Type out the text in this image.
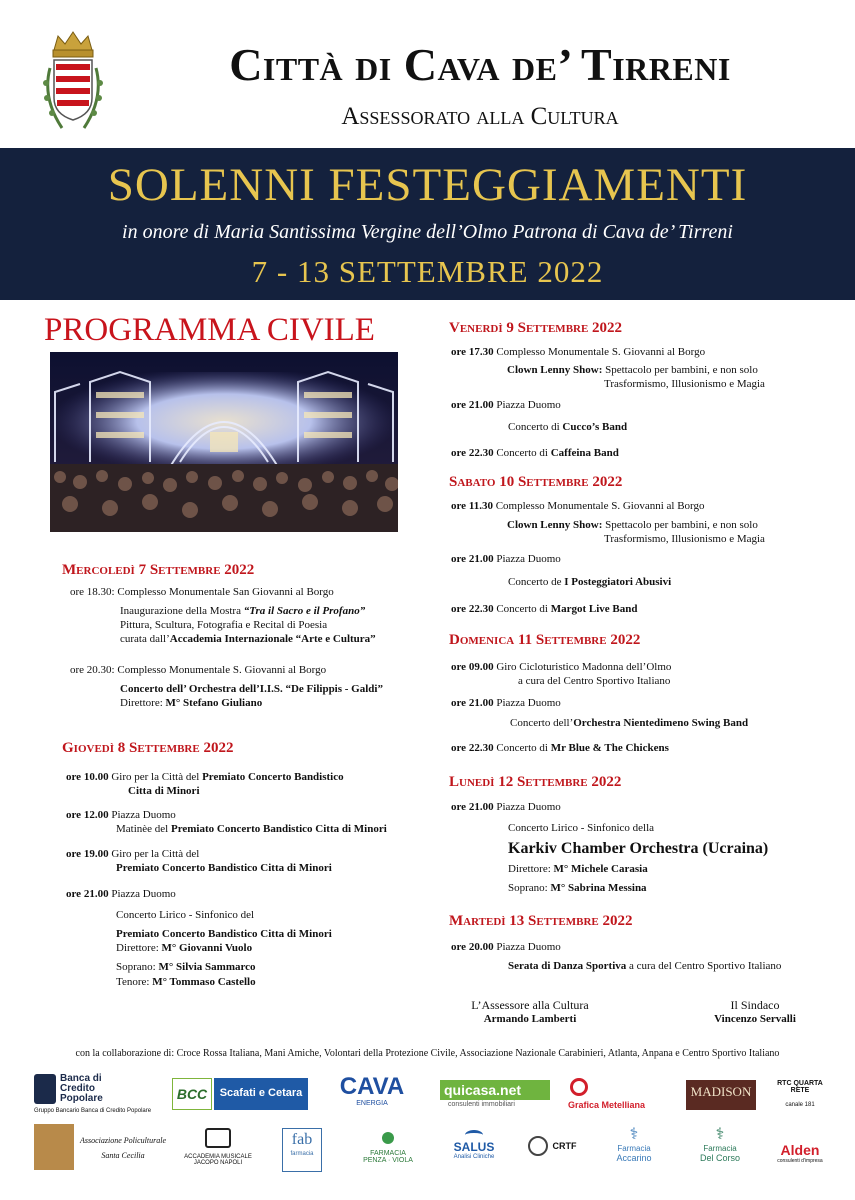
Città di Cava de’ Tirreni
Assessorato alla Cultura
SOLENNI FESTEGGIAMENTI
in onore di Maria Santissima Vergine dell’Olmo Patrona di Cava de’ Tirreni
7 - 13 SETTEMBRE 2022
PROGRAMMA CIVILE
Mercoledì 7 Settembre 2022
ore 18.30: Complesso Monumentale San Giovanni al Borgo
Inaugurazione della Mostra “Tra il Sacro e il Profano”
Pittura, Scultura, Fotografia e Recital di Poesia
curata dall’Accademia Internazionale “Arte e Cultura”
ore 20.30: Complesso Monumentale S. Giovanni al Borgo
Concerto dell’ Orchestra dell’I.I.S. “De Filippis - Galdi”
Direttore: M° Stefano Giuliano
Giovedì 8 Settembre 2022
ore 10.00 Giro per la Città del Premiato Concerto Bandistico
Citta di Minori
ore 12.00 Piazza Duomo
Matinèe del Premiato Concerto Bandistico Citta di Minori
ore 19.00 Giro per la Città del
Premiato Concerto Bandistico Citta di Minori
ore 21.00 Piazza Duomo
Concerto Lirico - Sinfonico del
Premiato Concerto Bandistico Citta di Minori
Direttore: M° Giovanni Vuolo
Soprano: M° Silvia Sammarco
Tenore: M° Tommaso Castello
Venerdì 9 Settembre 2022
ore 17.30 Complesso Monumentale S. Giovanni al Borgo
Clown Lenny Show: Spettacolo per bambini, e non solo
Trasformismo, Illusionismo e Magia
ore 21.00 Piazza Duomo
Concerto di Cucco’s Band
ore 22.30 Concerto di Caffeina Band
Sabato 10 Settembre 2022
ore 11.30 Complesso Monumentale S. Giovanni al Borgo
Clown Lenny Show: Spettacolo per bambini, e non solo
Trasformismo, Illusionismo e Magia
ore 21.00 Piazza Duomo
Concerto de I Posteggiatori Abusivi
ore 22.30 Concerto di Margot Live Band
Domenica 11 Settembre 2022
ore 09.00 Giro Cicloturistico Madonna dell’Olmo
a cura del Centro Sportivo Italiano
ore 21.00 Piazza Duomo
Concerto dell’Orchestra Nientedimeno Swing Band
ore 22.30 Concerto di Mr Blue & The Chickens
Lunedì 12 Settembre 2022
ore 21.00 Piazza Duomo
Concerto Lirico - Sinfonico della
Karkiv Chamber Orchestra (Ucraina)
Direttore: M° Michele Carasia
Soprano: M° Sabrina Messina
Martedì 13 Settembre 2022
ore 20.00 Piazza Duomo
Serata di Danza Sportiva a cura del Centro Sportivo Italiano
L’Assessore alla Cultura
Armando Lamberti
Il Sindaco
Vincenzo Servalli
con la collaborazione di: Croce Rossa Italiana, Mani Amiche, Volontari della Protezione Civile, Associazione Nazionale Carabinieri, Atlanta, Anpana e Centro Sportivo Italiano
Banca di
Credito
Popolare
Gruppo Bancario Banca di Credito Popolare
BCC	Scafati e Cetara CAVA
ENERGIA
quicasa.net
consulenti immobiliari	Grafica Metelliana
MADISON
RTC QUARTA RETE
canale 181
Associazione Policulturale
Santa Cecilia	ACCADEMIA MUSICALE
JACOPO NAPOLI
fab
farmacia	FARMACIA
PENZA · VIOLA
SALUS
Analisi Cliniche
CRTF
⚕
Farmacia
Accarino
⚕
Farmacia
Del Corso	Alden
consulenti d'impresa
